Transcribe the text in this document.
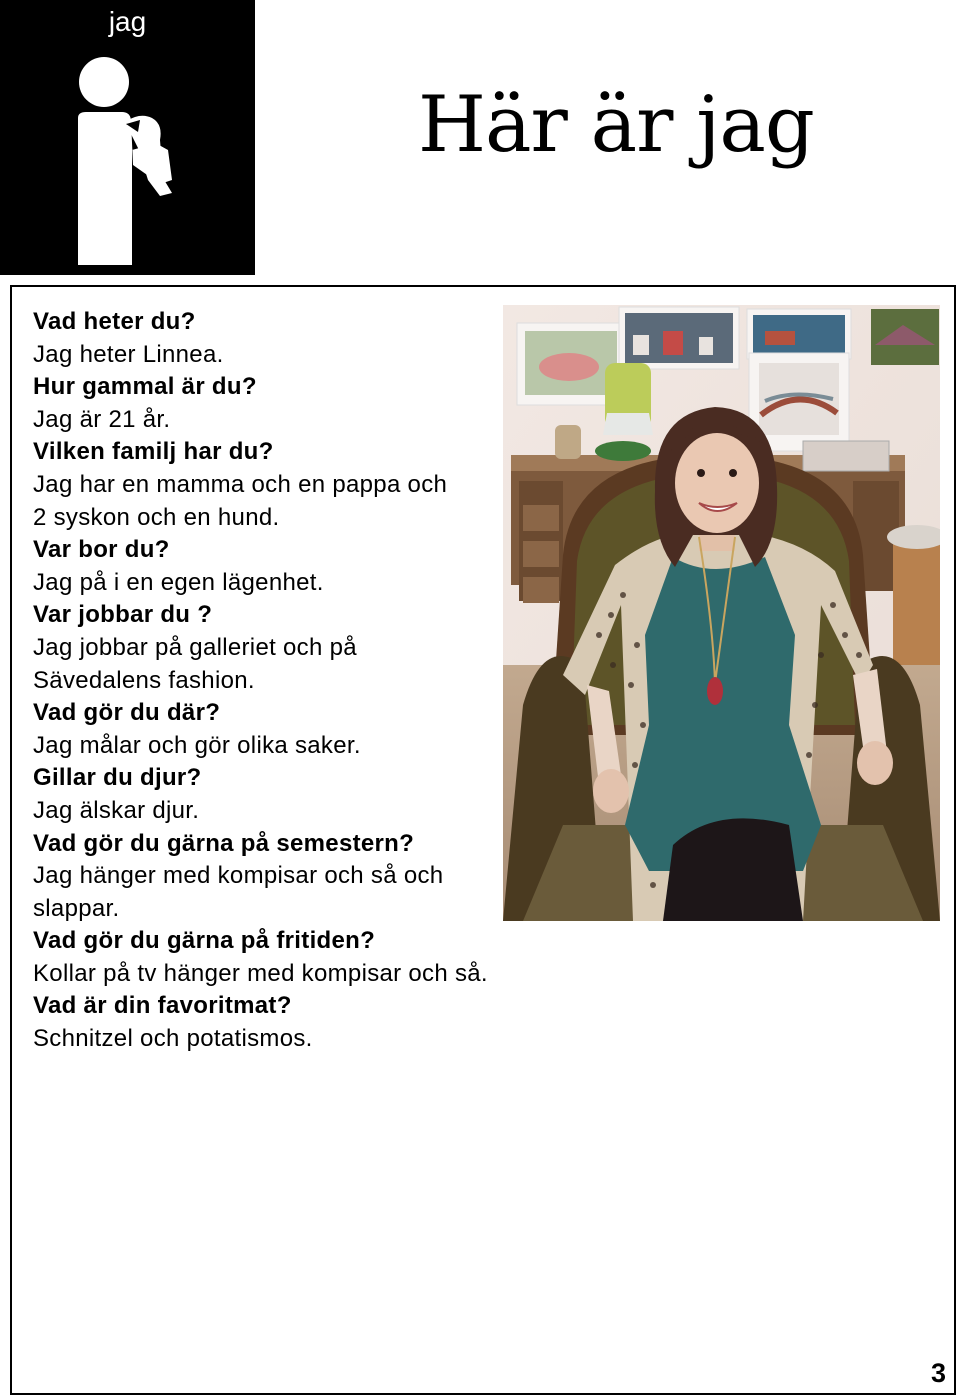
jag
Här är jag
Vad heter du?
Jag heter Linnea.
Hur gammal är du?
Jag är 21 år.
Vilken familj har du?
Jag har en mamma och en pappa och 2 syskon och en hund.
Var bor du?
Jag på i en egen lägenhet.
Var jobbar du ?
Jag jobbar på galleriet och på Sävedalens fashion.
Vad gör du där?
Jag målar och gör olika saker.
Gillar du djur?
Jag älskar djur.
Vad gör du gärna på semestern?
Jag hänger med kompisar och så och slappar.
Vad gör du gärna på fritiden?
Kollar på tv hänger med kompisar och så.
Vad är din favoritmat?
Schnitzel och potatismos.
3
